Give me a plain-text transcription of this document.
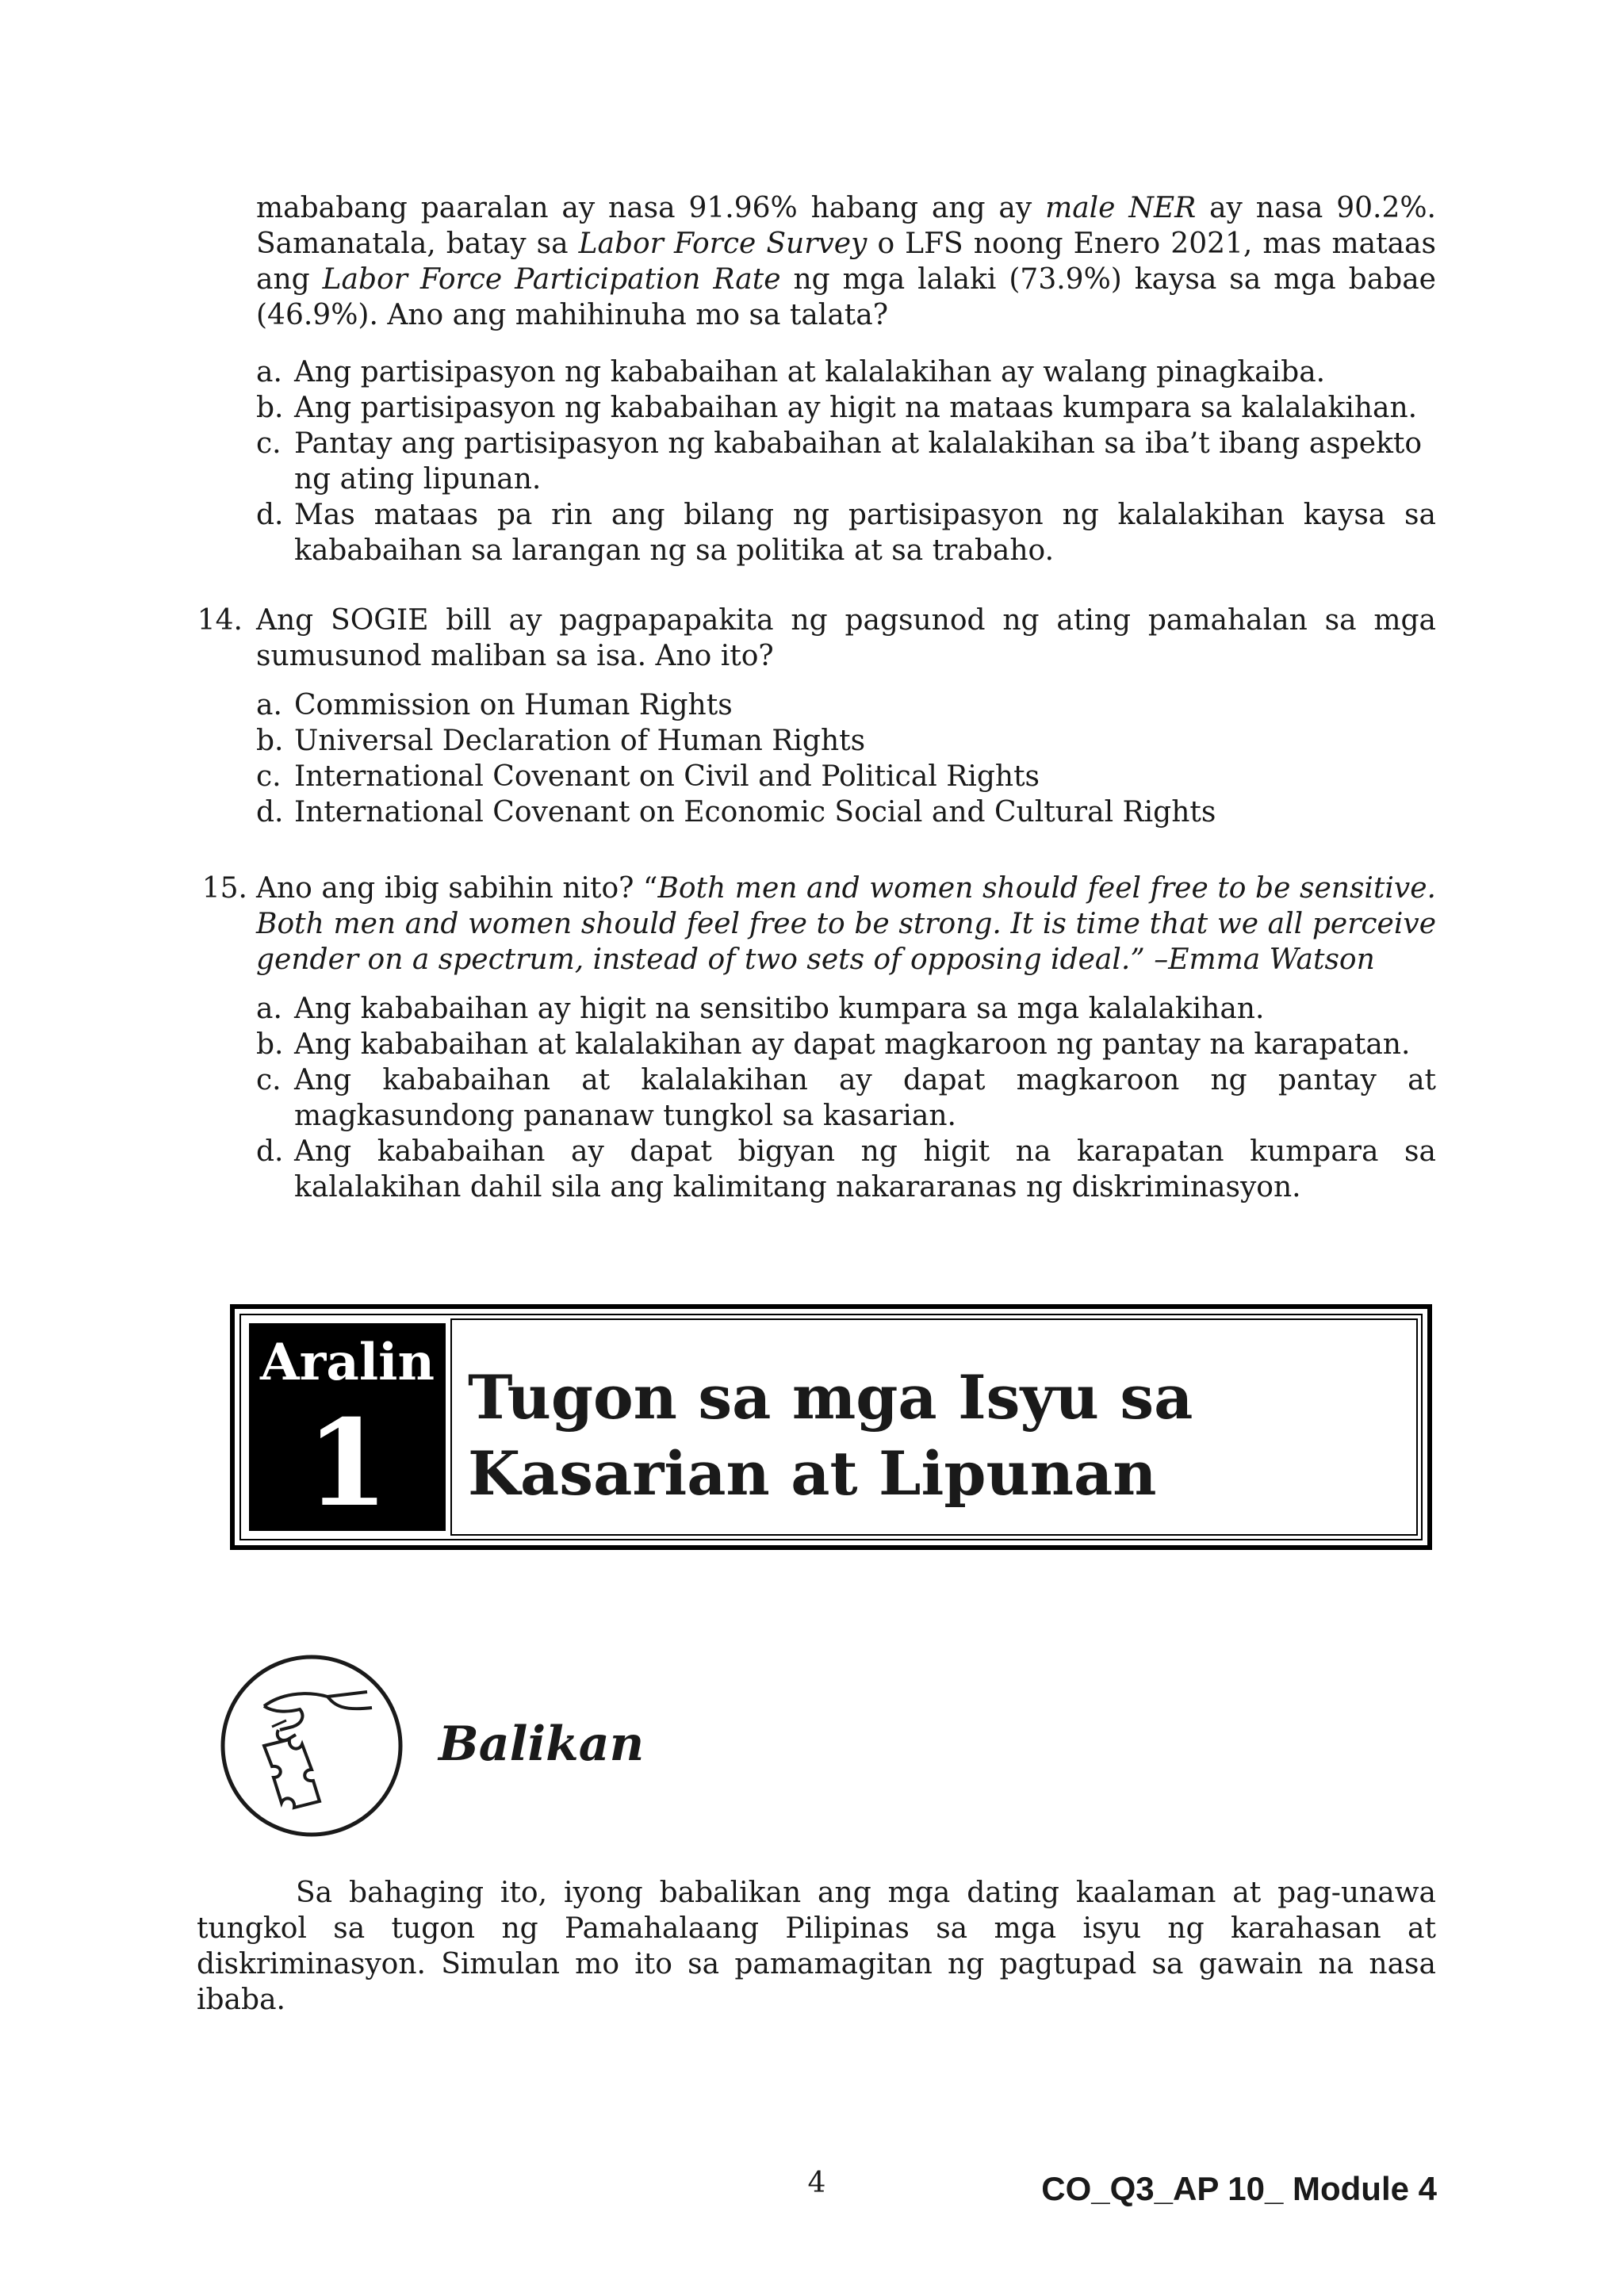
mababang paaralan ay nasa 91.96% habang ang ay male NER ay nasa 90.2%.
Samanatala, batay sa Labor Force Survey o LFS noong Enero 2021, mas mataas
ang Labor Force Participation Rate ng mga lalaki (73.9%) kaysa sa mga babae
(46.9%). Ano ang mahihinuha mo sa talata?
a. Ang partisipasyon ng kababaihan at kalalakihan ay walang pinagkaiba.
b. Ang partisipasyon ng kababaihan ay higit na mataas kumpara sa kalalakihan.
c. Pantay ang partisipasyon ng kababaihan at kalalakihan sa iba’t ibang aspekto ng ating lipunan.
d. Mas mataas pa rin ang bilang ng partisipasyon ng kalalakihan kaysa sa kababaihan sa larangan ng sa politika at sa trabaho.
14. Ang SOGIE bill ay pagpapapakita ng pagsunod ng ating pamahalan sa mga sumusunod maliban sa isa. Ano ito?
a. Commission on Human Rights
b. Universal Declaration of Human Rights
c. International Covenant on Civil and Political Rights
d. International Covenant on Economic Social and Cultural Rights
15. Ano ang ibig sabihin nito? “Both men and women should feel free to be sensitive. Both men and women should feel free to be strong. It is time that we all perceive gender on a spectrum, instead of two sets of opposing ideal.” –Emma Watson
a. Ang kababaihan ay higit na sensitibo kumpara sa mga kalalakihan.
b. Ang kababaihan at kalalakihan ay dapat magkaroon ng pantay na karapatan.
c. Ang kababaihan at kalalakihan ay dapat magkaroon ng pantay at magkasundong pananaw tungkol sa kasarian.
d. Ang kababaihan ay dapat bigyan ng higit na karapatan kumpara sa kalalakihan dahil sila ang kalimitang nakararanas ng diskriminasyon.
Aralin
1	Tugon sa mga Isyu sa
Kasarian at Lipunan
Balikan
Sa bahaging ito, iyong babalikan ang mga dating kaalaman at pag-unawa tungkol sa tugon ng Pamahalaang Pilipinas sa mga isyu ng karahasan at diskriminasyon. Simulan mo ito sa pamamagitan ng pagtupad sa gawain na nasa ibaba.
4	CO_Q3_AP 10_ Module 4
